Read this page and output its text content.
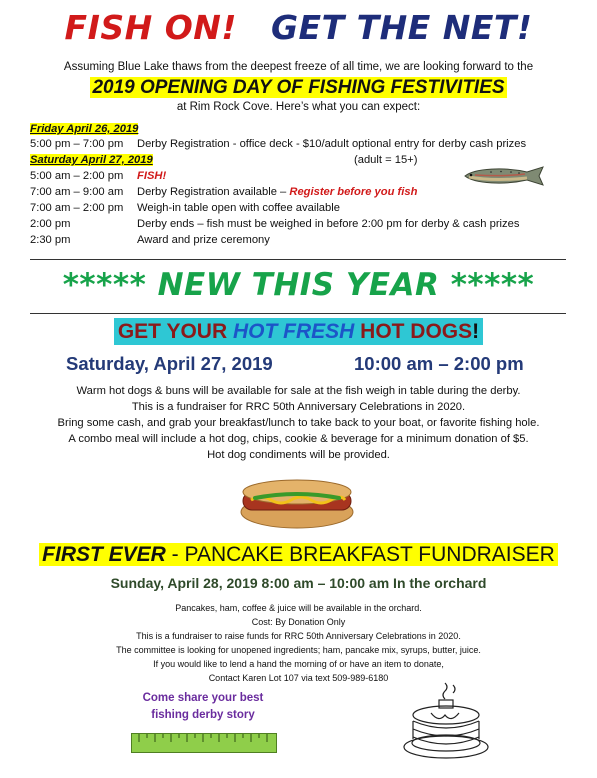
FISH ON! GET THE NET!
Assuming Blue Lake thaws from the deepest freeze of all time, we are looking forward to the
2019 OPENING DAY OF FISHING FESTIVITIES
at Rim Rock Cove. Here’s what you can expect:
Friday April 26, 2019
5:00 pm – 7:00 pm Derby Registration - office deck - $10/adult optional entry for derby cash prizes
Saturday April 27, 2019	(adult = 15+)
5:00 am – 2:00 pm FISH!
7:00 am – 9:00 am Derby Registration available – Register before you fish
7:00 am – 2:00 pm Weigh-in table open with coffee available
2:00 pm	Derby ends – fish must be weighed in before 2:00 pm for derby & cash prizes
2:30 pm	Award and prize ceremony
***** NEW THIS YEAR *****
GET YOUR HOT FRESH HOT DOGS!
Saturday, April 27, 2019	10:00 am – 2:00 pm
Warm hot dogs & buns will be available for sale at the fish weigh in table during the derby.
This is a fundraiser for RRC 50th Anniversary Celebrations in 2020.
Bring some cash, and grab your breakfast/lunch to take back to your boat, or favorite fishing hole.
A combo meal will include a hot dog, chips, cookie & beverage for a minimum donation of $5.
Hot dog condiments will be provided.
FIRST EVER - PANCAKE BREAKFAST FUNDRAISER
Sunday, April 28, 2019 8:00 am – 10:00 am In the orchard
Pancakes, ham, coffee & juice will be available in the orchard.
Cost: By Donation Only
This is a fundraiser to raise funds for RRC 50th Anniversary Celebrations in 2020.
The committee is looking for unopened ingredients; ham, pancake mix, syrups, butter, juice.
If you would like to lend a hand the morning of or have an item to donate,
Contact Karen Lot 107 via text 509-989-6180
Come share your best
fishing derby story
